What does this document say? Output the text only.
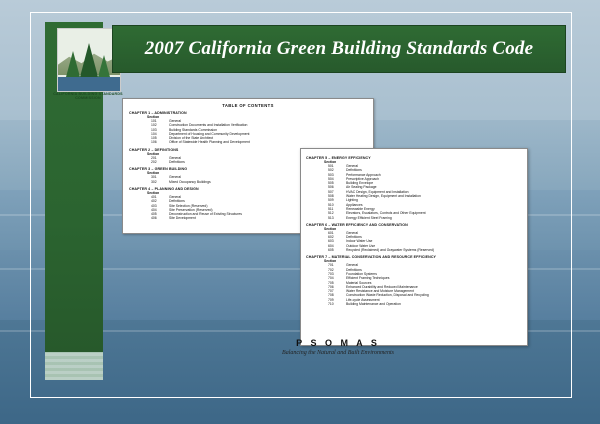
CALIFORNIA BUILDING STANDARDS COMMISSION
2007 California Green Building Standards Code
TABLE OF CONTENTS
CHAPTER 1 – ADMINISTRATION
Section
101	General
102	Construction Documents and Installation Verification
103	Building Standards Commission
104	Department of Housing and Community Development
105	Division of the State Architect
106	Office of Statewide Health Planning and Development
CHAPTER 2 – DEFINITIONS
Section
201	General
202	Definitions
CHAPTER 3 – GREEN BUILDING
Section
301	General
302	Mixed Occupancy Buildings
CHAPTER 4 – PLANNING AND DESIGN
Section
401	General
402	Definitions
403	Site Selection (Reserved)
404	Site Preservation (Reserved)
405	Deconstruction and Reuse of Existing Structures
406	Site Development
CHAPTER 5 – ENERGY EFFICIENCY
Section
501	General
502	Definitions
503	Performance Approach
504	Prescriptive Approach
505	Building Envelope
506	Air Sealing Package
507	HVAC Design, Equipment and Installation
508	Water Heating Design, Equipment and Installation
509	Lighting
510	Appliances
511	Renewable Energy
512	Elevators, Escalators, Controls and Other Equipment
513	Energy Efficient Steel Framing
CHAPTER 6 – WATER EFFICIENCY AND CONSERVATION
Section
601	General
602	Definitions
603	Indoor Water Use
604	Outdoor Water Use
605	Recycled (Reclaimed) and Graywater Systems (Reserved)
CHAPTER 7 – MATERIAL CONSERVATION AND RESOURCE EFFICIENCY
Section
701	General
702	Definitions
703	Foundation Systems
704	Efficient Framing Techniques
705	Material Sources
706	Enhanced Durability and Reduced Maintenance
707	Water Resistance and Moisture Management
708	Construction Waste Reduction, Disposal and Recycling
709	Life-cycle Assessment
710	Building Maintenance and Operation
P S O M A S
Balancing the Natural and Built Environments
